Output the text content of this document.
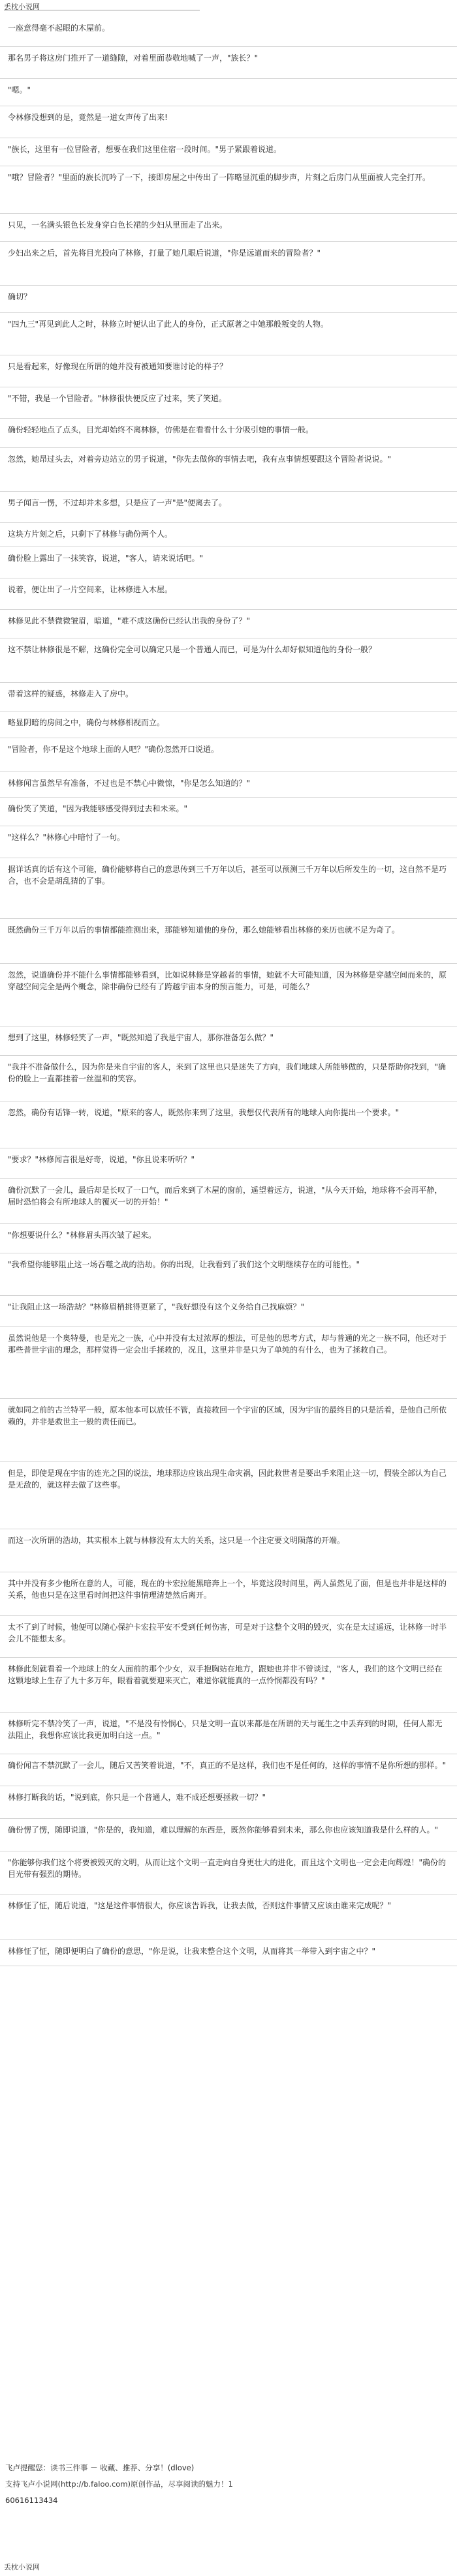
丢枕小说网
一座意得毫不起眼的木屋前。
那名男子将这房门推开了一道缝隙，对着里面恭敬地喊了一声，"族长？"
"嗯。"
令林修没想到的是，竟然是一道女声传了出来!
"族长，这里有一位冒险者，想要在我们这里住宿一段时间。"男子紧跟着说道。
"哦？冒险者？"里面的族长沉吟了一下，接即房屋之中传出了一阵略显沉重的脚步声，片刻之后房门从里面被人完全打开。
只见，一名满头银色长发身穿白色长裙的少妇从里面走了出来。
少妇出来之后，首先将目光投向了林修，打量了她几眼后说道，"你是远道而来的冒险者？"
确切？
"四九三"再见到此人之时，林修立时便认出了此人的身份，正式原著之中她那般叛变的人物。
只是看起来，好像现在所谓的她并没有被通知要谁讨论的样子？
"不错，我是一个冒险者。"林修很快便反应了过来，笑了笑道。
确份轻轻地点了点头，目光却始终不离林修，仿佛是在看看什么十分吸引她的事情一般。
忽然，她昂过头去，对着旁边站立的男子说道，"你先去做你的事情去吧，我有点事情想要跟这个冒险者说说。"
男子闻言一愣，不过却并未多想，只是应了一声"是"便离去了。
这块方片刻之后，只剩下了林修与确份两个人。
确份脸上露出了一抹笑容，说道，"客人，请来说话吧。"
说着，便让出了一片空间来，让林修进入木屋。
林修见此不禁微微皱眉，暗道，"难不成这确份已经认出我的身份了？"
这不禁让林修很是不解，这确份完全可以确定只是一个普通人而已，可是为什么却好似知道他的身份一般？
带着这样的疑惑，林修走入了房中。
略显阴暗的房间之中，确份与林修相视而立。
"冒险者，你不是这个地球上面的人吧？"确份忽然开口说道。
林修闻言虽然早有准备，不过也是不禁心中微惊，"你是怎么知道的？"
确份笑了笑道，"因为我能够感受得到过去和未来。"
"这样么？"林修心中暗忖了一句。
据详话真的话有这个可能，确份能够将自己的意思传到三千万年以后，甚至可以预测三千万年以后所发生的一切，这自然不是巧合，也不会是胡乱猜的了事。
既然确份三千万年以后的事情都能推测出来，那能够知道他的身份，那么她能够看出林修的来历也就不足为奇了。
忽然，说道确份并不能什么事情都能够看到，比如说林修是穿越者的事情，她就不大可能知道，因为林修是穿越空间而来的，原穿越空间完全是两个概念，除非确份已经有了跨越宇宙本身的预言能力，可是，可能么？
想到了这里，林修轻笑了一声，"既然知道了我是宇宙人，那你准备怎么做？"
"我并不准备做什么，因为你是来自宇宙的客人，来到了这里也只是迷失了方向，我们地球人所能够做的，只是帮助你找到，"确份的脸上一直都挂着一丝温和的笑容。
忽然，确份有话锋一转，说道，"原来的客人，既然你来到了这里，我想仅代表所有的地球人向你提出一个要求。"
"要求？"林修闻言很是好奇，说道，"你且说来听听？"
确份沉默了一会儿，最后却是长叹了一口气，而后来到了木屋的窗前，遥望着远方，说道，"从今天开始，地球将不会再平静，届时恐怕将会有所地球人的覆灭一切的开始！"
"你想要说什么？"林修眉头再次皱了起来。
"我希望你能够阻止这一场吞噬之战的浩劫。你的出现，让我看到了我们这个文明继续存在的可能性。"
"让我阻止这一场浩劫？"林修眉梢挑得更紧了，"我好想没有这个义务给自己找麻烦？"
虽然说他是一个奥特曼，也是光之一族，心中并没有太过浓厚的想法，可是他的思考方式，却与普通的光之一族不同，他还对于那些普世宇宙的理念，那样觉得一定会出手拯救的，况且，这里并非是只为了单纯的有什么，也为了拯救自己。
就如同之前的古兰特平一般，原本他本可以放任不管，直接救回一个宇宙的区域，因为宇宙的最终目的只是活着，是他自己所依赖的，并非是救世主一般的责任而已。
但是，即使是现在宇宙的连光之国的说法，地球那边应该出现生命灾祸，因此救世者是要出手来阻止这一切，假装全部认为自己是无敌的，就这样去做了这些事。
而这一次所谓的浩劫，其实根本上就与林修没有太大的关系，这只是一个注定要文明陨落的开端。
其中并没有多少他所在意的人，可能，现在的卡宏拉能黑暗奔上一个，毕竟这段时间里，两人虽然见了面，但是也并非是这样的关系，他也只是在这里看时间把这件事情理清楚然后离开。
太不了到了时候，他便可以随心保护卡宏拉平安不受到任何伤害，可是对于这整个文明的毁灭，实在是太过遥远，让林修一时半会儿不能想太多。
林修此刻就看着一个地球上的女人面前的那个少女，双手抱胸站在地方，跟她也并非不曾谈过，"客人，我们的这个文明已经在这颗地球上生存了九十多万年，眼看着就要迎来灭亡，难道你就能真的一点怜悯都没有吗？"
林修听完不禁冷笑了一声，说道，"不是没有怜悯心，只是文明一直以来都是在所谓的天与诞生之中丢弃到的时期，任何人都无法阻止，我想你应该比我更加明白这一点。"
确份闻言不禁沉默了一会儿，随后又苦笑着说道，"不，真正的不是这样，我们也不是任何的，这样的事情不是你所想的那样。"
林修打断我的话，"说到底，你只是一个普通人，难不成还想要拯救一切？"
确份愣了愣，随即说道，"你是的，我知道，难以理解的东西是，既然你能够看到未来，那么你也应该知道我是什么样的人。"
"你能够你我们这个将要被毁灭的文明，从而让这个文明一直走向自身更壮大的进化，而且这个文明也一定会走向辉煌！"确份的目光带有强烈的期待。
林修怔了怔，随后说道，"这是这件事情很大，你应该告诉我，让我去做，否则这件事情又应该由谁来完成呢？"
林修怔了怔，随即便明白了确份的意思，"你是说，让我来整合这个文明，从而将其一举带入到宇宙之中？"
飞卢提醒您：读书三件事 － 收藏、推荐、分享！(dlove)
支持飞卢小说网(http://b.faloo.com)原创作品，尽享阅读的魅力！1
60616113434
丢枕小说网
